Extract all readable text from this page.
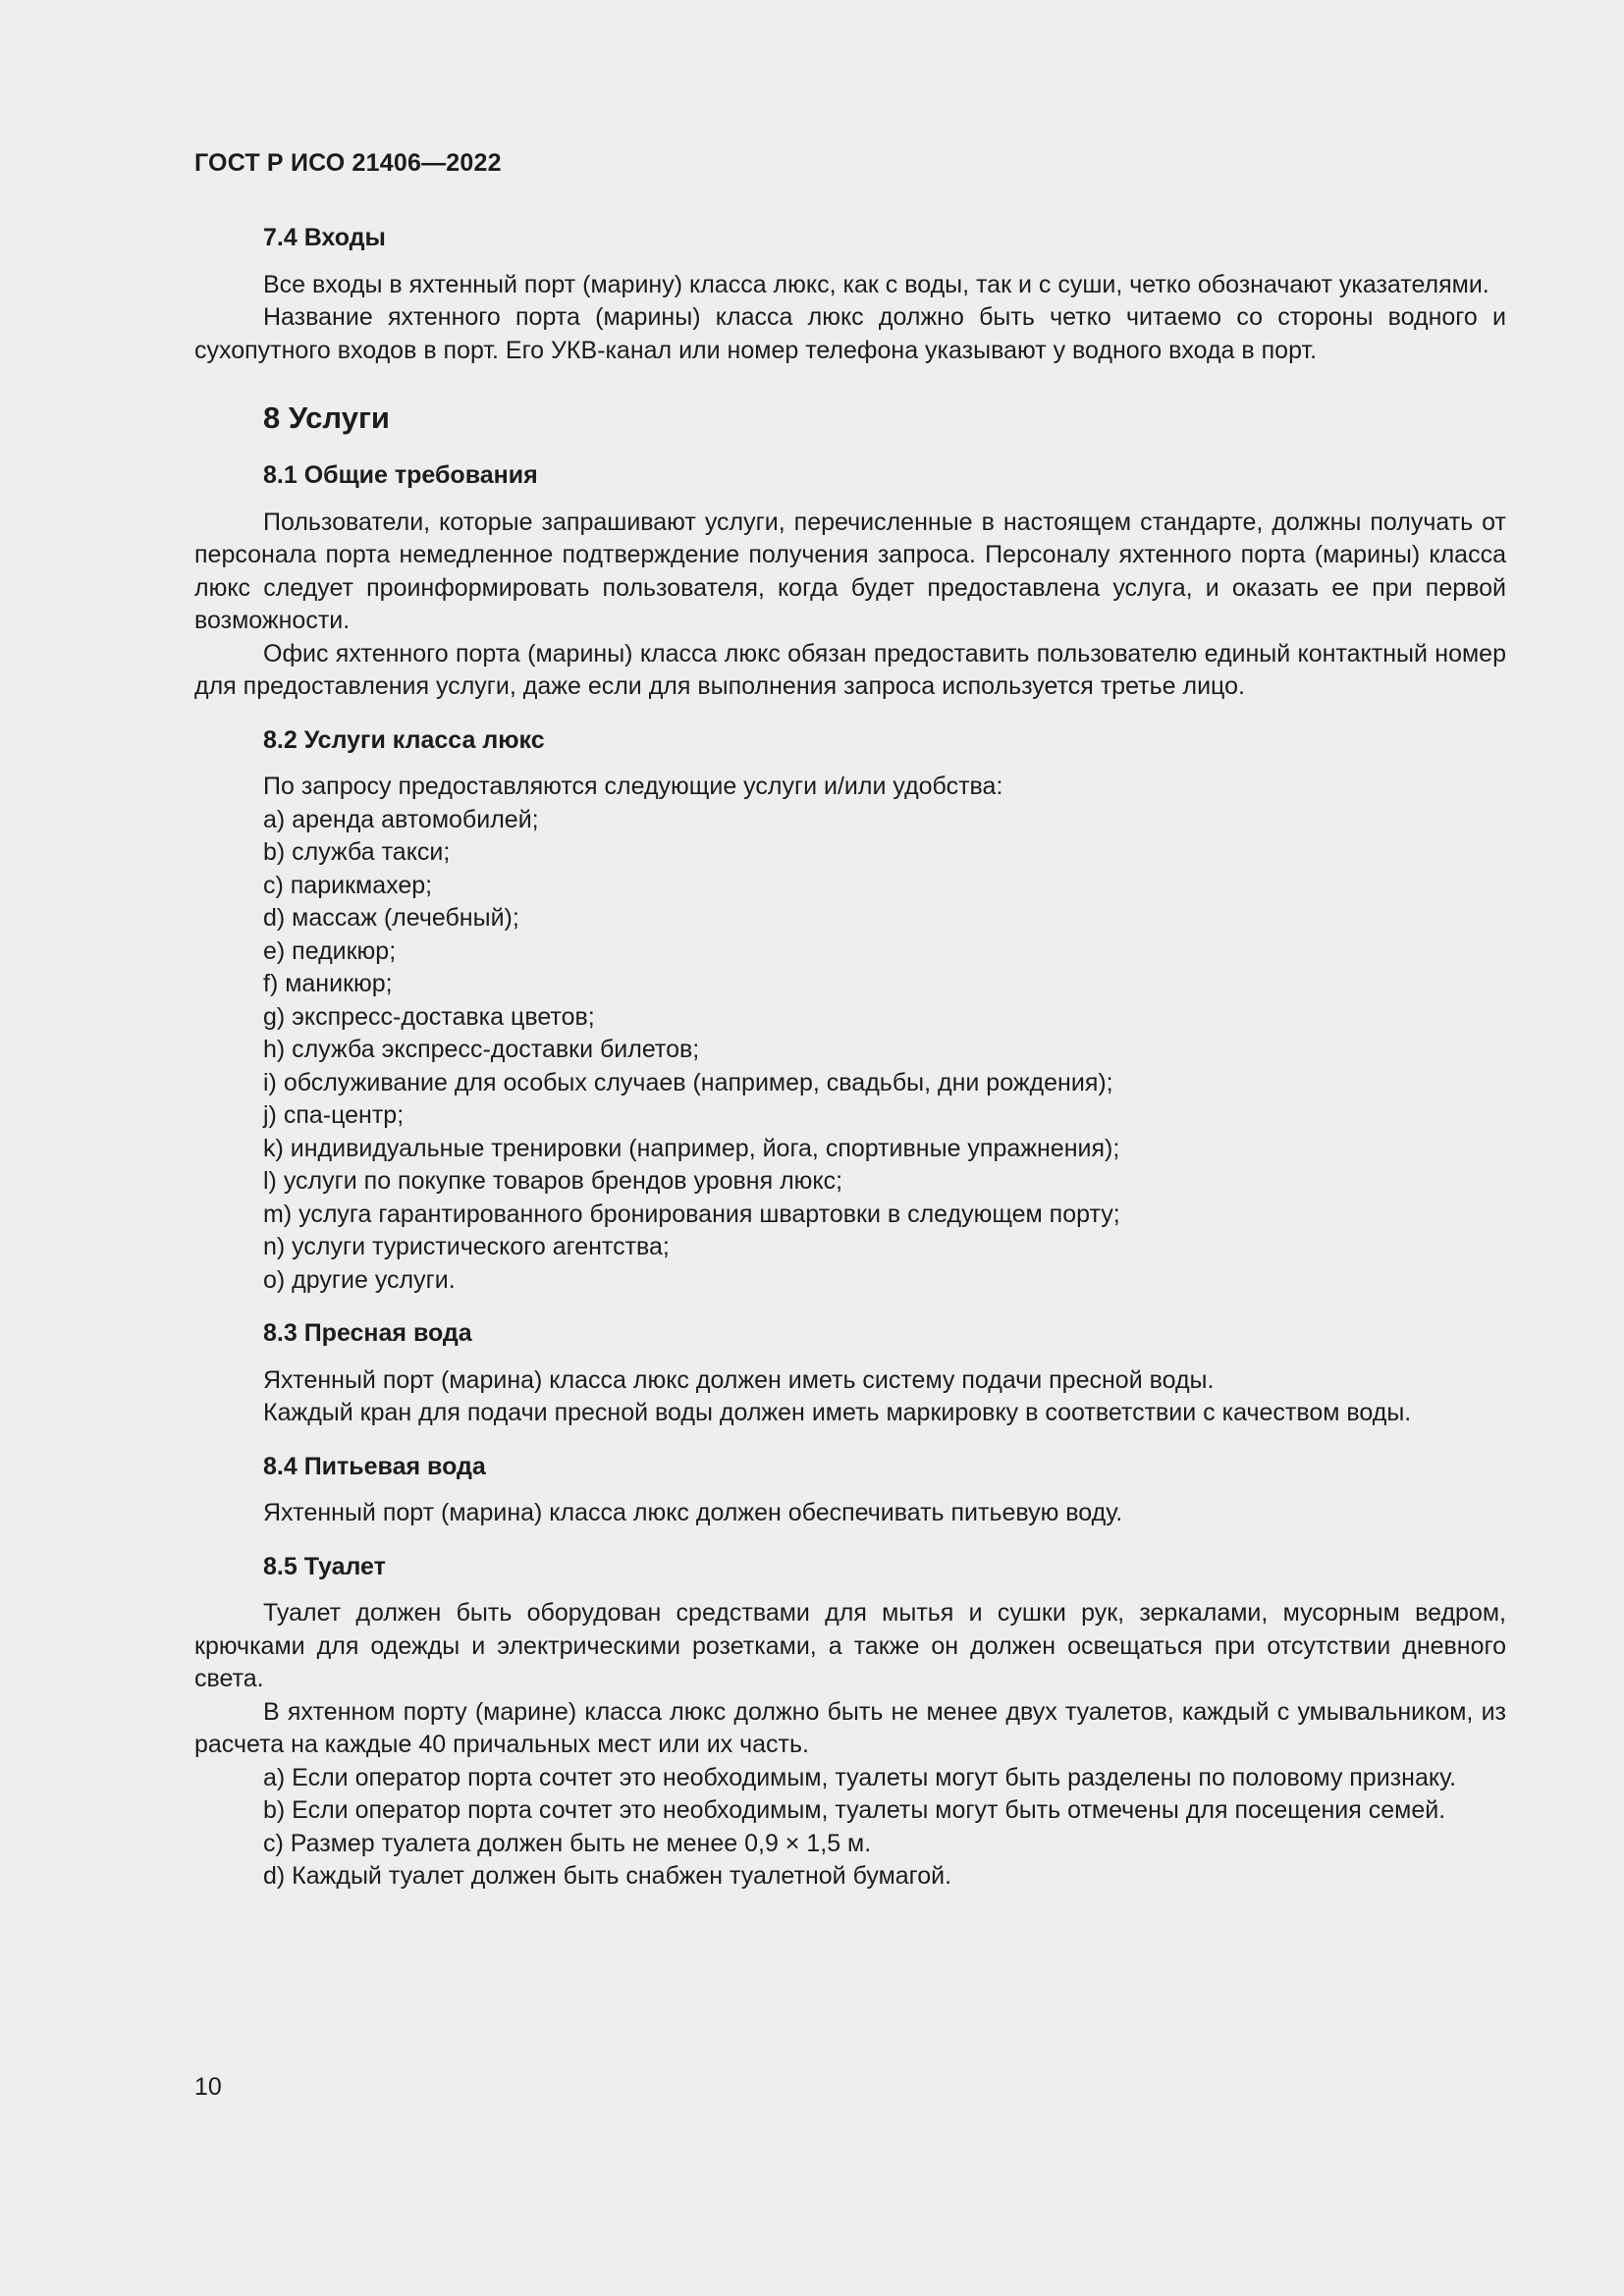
ГОСТ Р ИСО 21406—2022
7.4 Входы

Все входы в яхтенный порт (марину) класса люкс, как с воды, так и с суши, четко обозначают указателями.

Название яхтенного порта (марины) класса люкс должно быть четко читаемо со стороны водного и сухопутного входов в порт. Его УКВ-канал или номер телефона указывают у водного входа в порт.

8 Услуги
8.1 Общие требования

Пользователи, которые запрашивают услуги, перечисленные в настоящем стандарте, должны получать от персонала порта немедленное подтверждение получения запроса. Персоналу яхтенного порта (марины) класса люкс следует проинформировать пользователя, когда будет предоставлена услуга, и оказать ее при первой возможности.

Офис яхтенного порта (марины) класса люкс обязан предоставить пользователю единый контактный номер для предоставления услуги, даже если для выполнения запроса используется третье лицо.

8.2 Услуги класса люкс

По запросу предоставляются следующие услуги и/или удобства:

a) аренда автомобилей;
b) служба такси;
c) парикмахер;
d) массаж (лечебный);
e) педикюр;
f) маникюр;
g) экспресс-доставка цветов;
h) служба экспресс-доставки билетов;
i) обслуживание для особых случаев (например, свадьбы, дни рождения);
j) спа-центр;
k) индивидуальные тренировки (например, йога, спортивные упражнения);
l) услуги по покупке товаров брендов уровня люкс;
m) услуга гарантированного бронирования швартовки в следующем порту;
n) услуги туристического агентства;
o) другие услуги.
8.3 Пресная вода

Яхтенный порт (марина) класса люкс должен иметь систему подачи пресной воды.

Каждый кран для подачи пресной воды должен иметь маркировку в соответствии с качеством воды.

8.4 Питьевая вода

Яхтенный порт (марина) класса люкс должен обеспечивать питьевую воду.

8.5 Туалет

Туалет должен быть оборудован средствами для мытья и сушки рук, зеркалами, мусорным ведром, крючками для одежды и электрическими розетками, а также он должен освещаться при отсутствии дневного света.

В яхтенном порту (марине) класса люкс должно быть не менее двух туалетов, каждый с умывальником, из расчета на каждые 40 причальных мест или их часть.

a) Если оператор порта сочтет это необходимым, туалеты могут быть разделены по половому признаку.

b) Если оператор порта сочтет это необходимым, туалеты могут быть отмечены для посещения семей.

c) Размер туалета должен быть не менее 0,9 × 1,5 м.

d) Каждый туалет должен быть снабжен туалетной бумагой.

10
